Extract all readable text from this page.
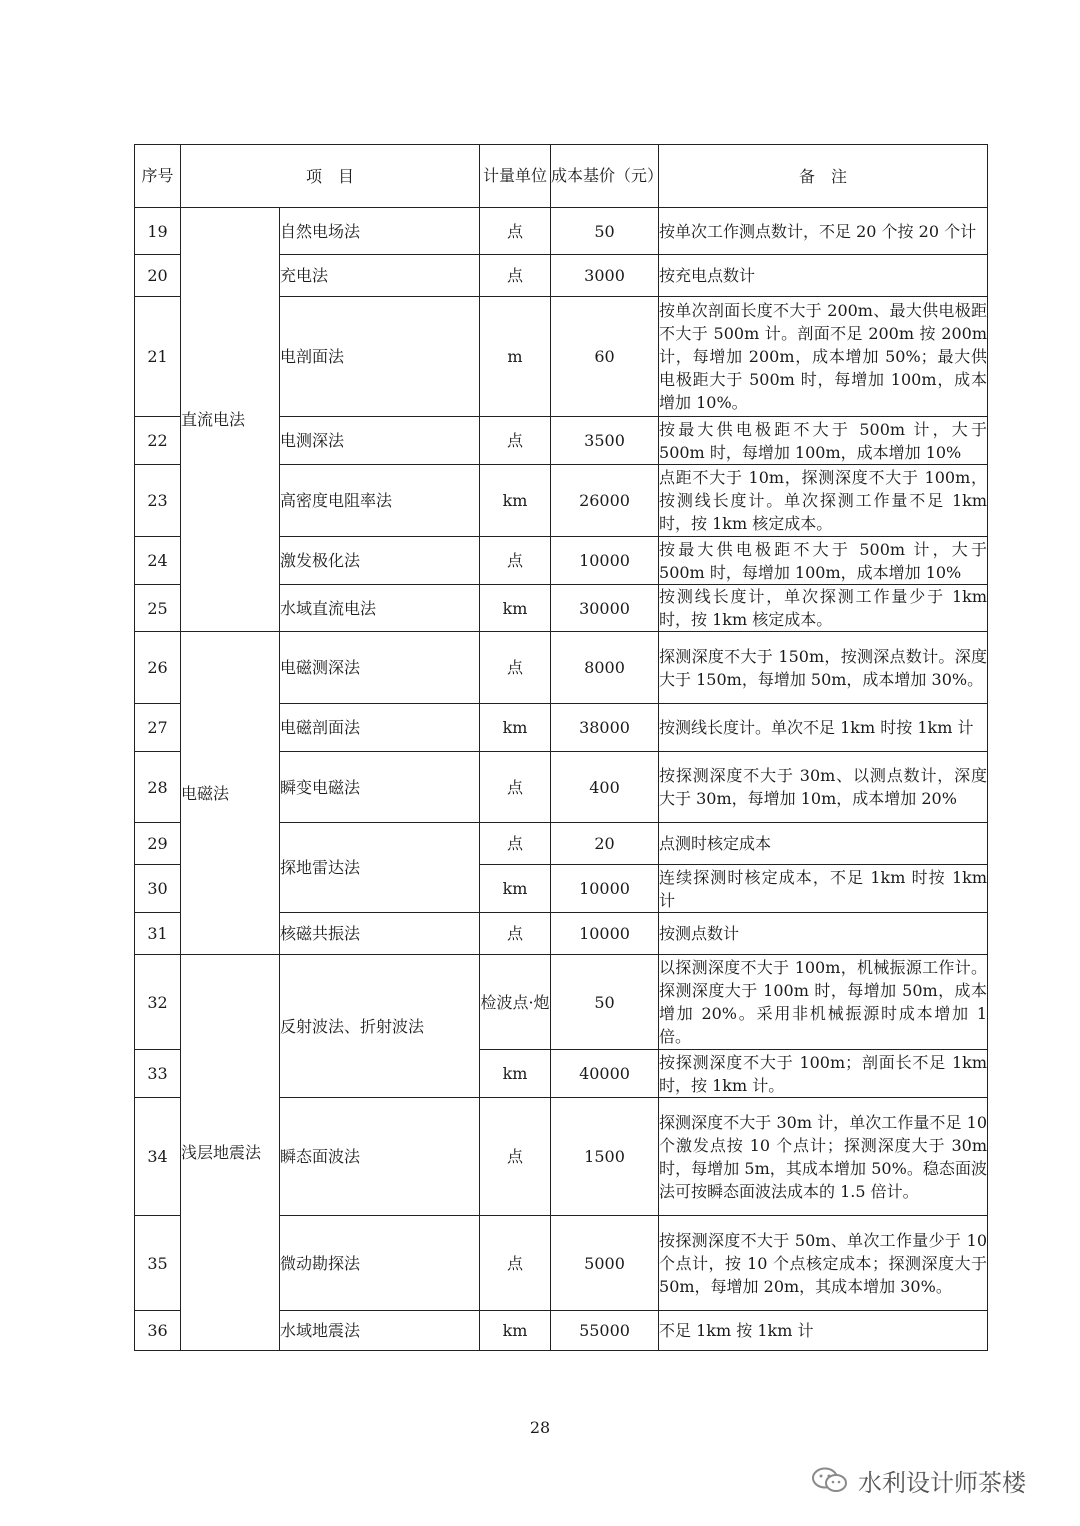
序号	项　目		计量单位	成本基价（元）	备　注
19	直流电法	自然电场法	点	50	按单次工作测点数计，不足 20 个按 20 个计
20		充电法	点	3000	按充电点数计
21		电剖面法	m	60	按单次剖面长度不大于 200m、最大供电极距不大于 500m 计。剖面不足 200m 按 200m 计，每增加 200m，成本增加 50%；最大供电极距大于 500m 时，每增加 100m，成本增加 10%。
22		电测深法	点	3500	按最大供电极距不大于 500m 计，大于 500m 时，每增加 100m，成本增加 10%
23		高密度电阻率法	km	26000	点距不大于 10m，探测深度不大于 100m，按测线长度计。单次探测工作量不足 1km 时，按 1km 核定成本。
24		激发极化法	点	10000	按最大供电极距不大于 500m 计，大于 500m 时，每增加 100m，成本增加 10%
25		水域直流电法	km	30000	按测线长度计，单次探测工作量少于 1km 时，按 1km 核定成本。
26	电磁法	电磁测深法	点	8000	探测深度不大于 150m，按测深点数计。深度大于 150m，每增加 50m，成本增加 30%。
27		电磁剖面法	km	38000	按测线长度计。单次不足 1km 时按 1km 计
28		瞬变电磁法	点	400	按探测深度不大于 30m、以测点数计，深度大于 30m，每增加 10m，成本增加 20%
29		探地雷达法	点	20	点测时核定成本
30			km	10000	连续探测时核定成本，不足 1km 时按 1km 计
31		核磁共振法	点	10000	按测点数计
32	浅层地震法	反射波法、折射波法	检波点·炮	50	以探测深度不大于 100m，机械振源工作计。探测深度大于 100m 时，每增加 50m，成本增加 20%。采用非机械振源时成本增加 1 倍。
33			km	40000	按探测深度不大于 100m；剖面长不足 1km 时，按 1km 计。
34		瞬态面波法	点	1500	探测深度不大于 30m 计，单次工作量不足 10 个激发点按 10 个点计；探测深度大于 30m 时，每增加 5m，其成本增加 50%。稳态面波法可按瞬态面波法成本的 1.5 倍计。
35		微动勘探法	点	5000	按探测深度不大于 50m、单次工作量少于 10 个点计，按 10 个点核定成本；探测深度大于 50m，每增加 20m，其成本增加 30%。
36		水域地震法	km	55000	不足 1km 按 1km 计
28
水利设计师茶楼
